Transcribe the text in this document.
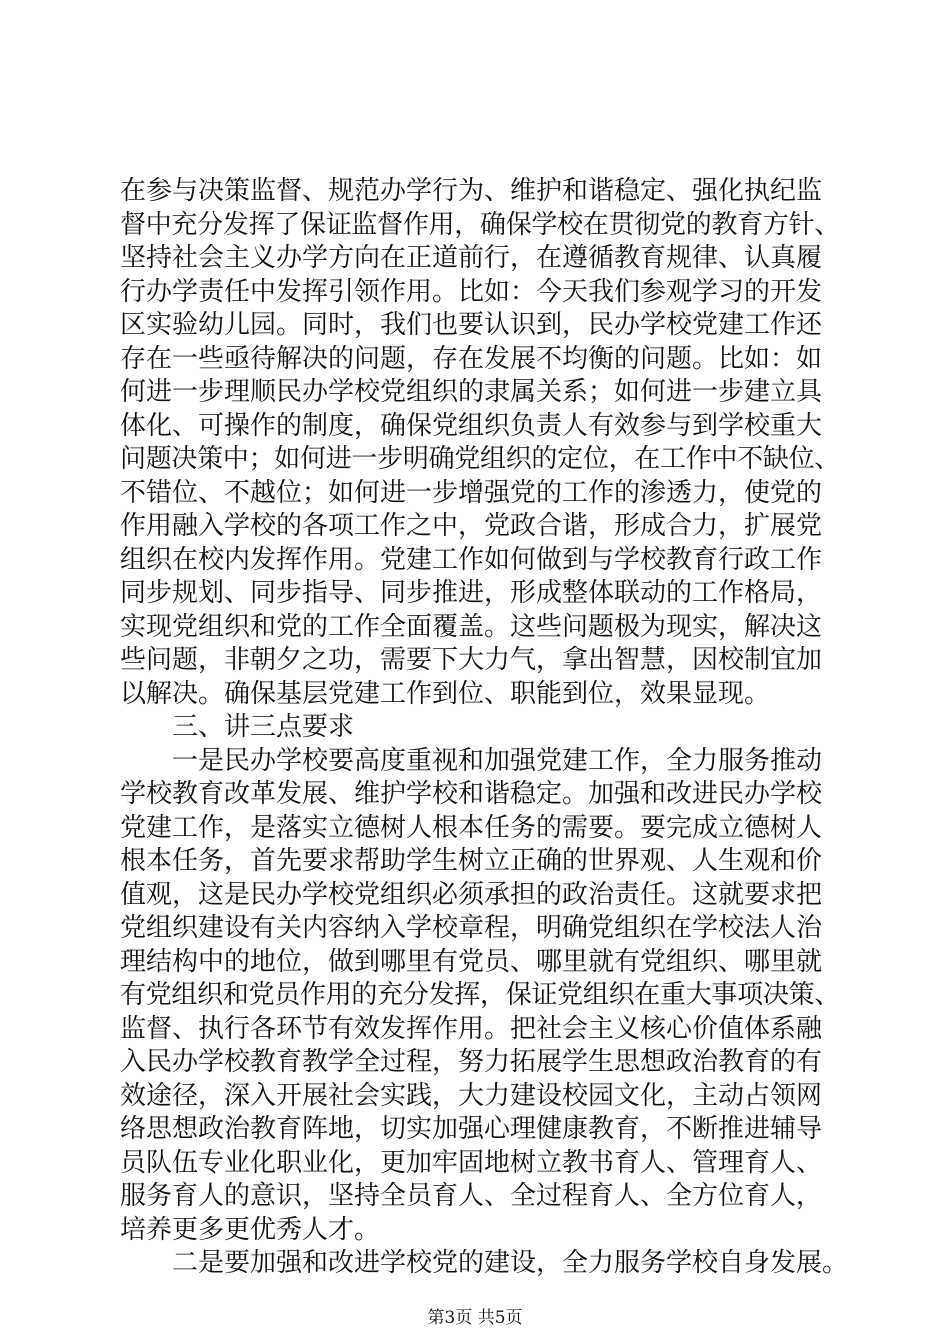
在参与决策监督、规范办学行为、维护和谐稳定、强化执纪监
督中充分发挥了保证监督作用，确保学校在贯彻党的教育方针、
坚持社会主义办学方向在正道前行，在遵循教育规律、认真履
行办学责任中发挥引领作用。比如：今天我们参观学习的开发
区实验幼儿园。同时，我们也要认识到，民办学校党建工作还
存在一些亟待解决的问题，存在发展不均衡的问题。比如：如
何进一步理顺民办学校党组织的隶属关系；如何进一步建立具
体化、可操作的制度，确保党组织负责人有效参与到学校重大
问题决策中；如何进一步明确党组织的定位，在工作中不缺位、
不错位、不越位；如何进一步增强党的工作的渗透力，使党的
作用融入学校的各项工作之中，党政合谐，形成合力，扩展党
组织在校内发挥作用。党建工作如何做到与学校教育行政工作
同步规划、同步指导、同步推进，形成整体联动的工作格局，
实现党组织和党的工作全面覆盖。这些问题极为现实，解决这
些问题，非朝夕之功，需要下大力气，拿出智慧，因校制宜加
以解决。确保基层党建工作到位、职能到位，效果显现。
三、讲三点要求
一是民办学校要高度重视和加强党建工作，全力服务推动
学校教育改革发展、维护学校和谐稳定。加强和改进民办学校
党建工作，是落实立德树人根本任务的需要。要完成立德树人
根本任务，首先要求帮助学生树立正确的世界观、人生观和价
值观，这是民办学校党组织必须承担的政治责任。这就要求把
党组织建设有关内容纳入学校章程，明确党组织在学校法人治
理结构中的地位，做到哪里有党员、哪里就有党组织、哪里就
有党组织和党员作用的充分发挥，保证党组织在重大事项决策、
监督、执行各环节有效发挥作用。把社会主义核心价值体系融
入民办学校教育教学全过程，努力拓展学生思想政治教育的有
效途径，深入开展社会实践，大力建设校园文化，主动占领网
络思想政治教育阵地，切实加强心理健康教育，不断推进辅导
员队伍专业化职业化，更加牢固地树立教书育人、管理育人、
服务育人的意识，坚持全员育人、全过程育人、全方位育人，
培养更多更优秀人才。
二是要加强和改进学校党的建设，全力服务学校自身发展。
第3页 共5页
